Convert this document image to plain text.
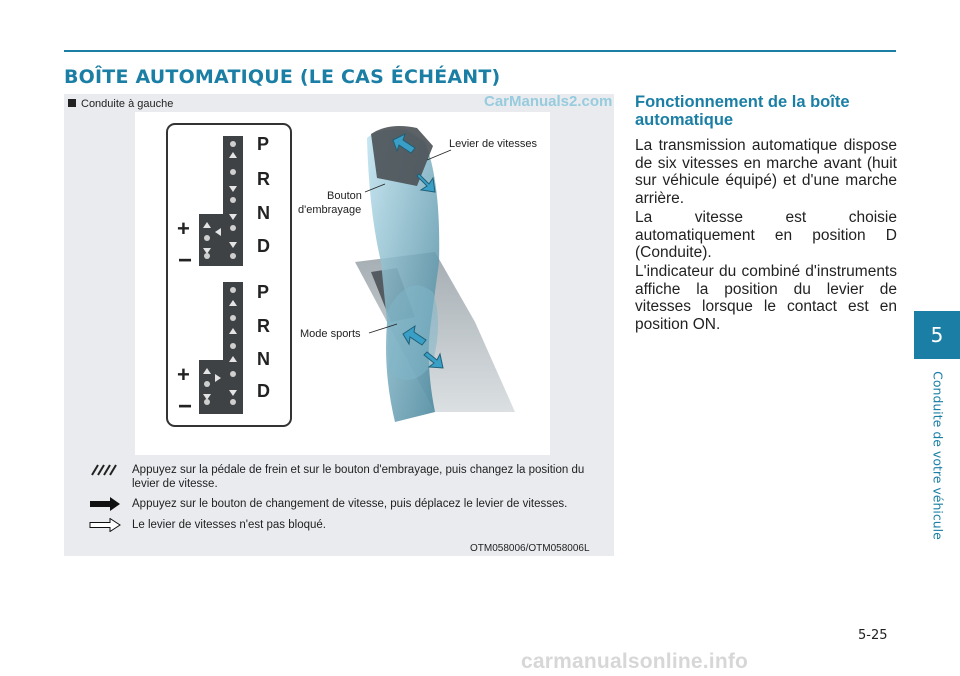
BOÎTE AUTOMATIQUE (LE CAS ÉCHÉANT)
Conduite à gauche	CarManuals2.com
P
R
N
D
P
R
N
D
+
−
+
−
Levier de vitesses
Bouton
d'embrayage
Mode sports
Appuyez sur la pédale de frein et sur le bouton d'embrayage, puis changez la position du levier de vitesse.
Appuyez sur le bouton de changement de vitesse, puis déplacez le levier de vitesses.
Le levier de vitesses n'est pas bloqué.
OTM058006/OTM058006L
Fonctionnement de la boîte automatique

La transmission automatique dispose de six vitesses en marche avant (huit sur véhicule équipé) et d'une marche arrière.

La vitesse est choisie automatiquement en position D (Conduite).

L'indicateur du combiné d'instruments affiche la position du levier de vitesses lorsque le contact est en position ON.	5
Conduite de votre véhicule
5-25
carmanualsonline.info
